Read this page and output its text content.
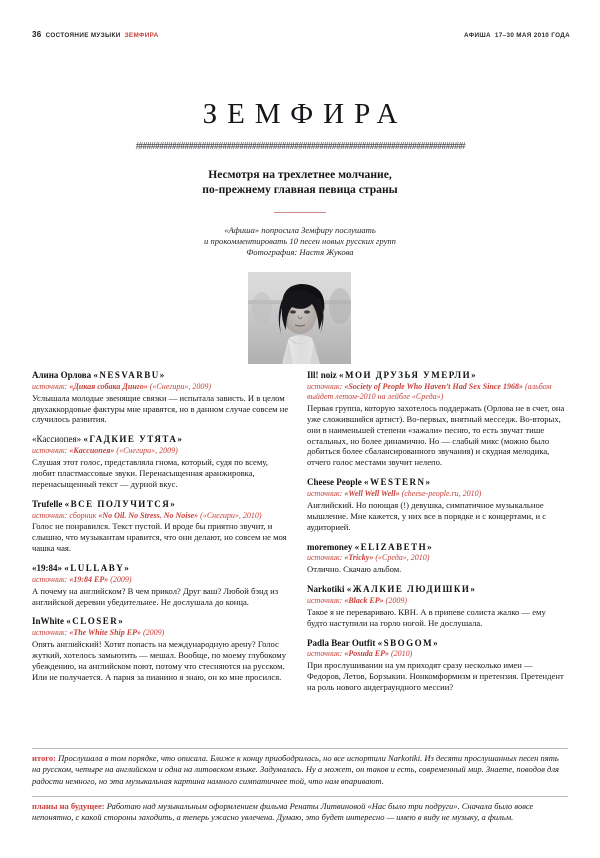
36 СОСТОЯНИЕ МУЗЫКИ ЗЕМФИРА	АФИША 17–30 МАЯ 2010 ГОДА
ЗЕМФИРА
##############################################################################
Несмотря на трехлетнее молчание,
по-прежнему главная певица страны
«Афиша» попросила Земфиру послушать
и прокомментировать 10 песен новых русских групп
Фотография: Настя Жукова
Алина Орлова «NESVARBU»
источник: «Дикая собака Динго» («Снегири», 2009)
Услышала молодые звенящие связки — испытала зависть. И в целом двухаккордовые фактуры мне нравятся, но в данном случае совсем не случилось развития.
«Кассиопея» «ГАДКИЕ УТЯТА»
источник: «Кассиопея» («Снегири», 2009)
Слушая этот голос, представляла гнома, который, судя по всему, любит пластмассовые звуки. Перенасыщенная аранжировка, перенасыщенный текст — дурной вкус.
Trufelle «ВСЕ ПОЛУЧИТСЯ»
источник: сборник «No Oil. No Stress. No Noise» («Снегири», 2010)
Голос не понравился. Текст пустой. И вроде бы приятно звучит, и слышно, что музыкантам нравится, что они делают, но совсем не моя чашка чая.
«19:84» «LULLABY»
источник: «19:84 EP» (2009)
А почему на английском? В чем прикол? Друг ваш? Любой бэнд из английской деревни убедительнее. Не дослушала до конца.
InWhite «CLOSER»
источник: «The White Ship EP» (2009)
Опять английский! Хотят попасть на международную арену? Голос жуткий, хотелось замьютить — мешал. Вообще, по моему глубокому убеждению, на английском поют, потому что стесняются на русском. Или не получается. А парня за пианино я знаю, он ко мне просился.
Ill! noiz «МОИ ДРУЗЬЯ УМЕРЛИ»
источник: «Society of People Who Haven’t Had Sex Since 1968» (альбом выйдет летом-2010 на лейбле «Среда»)
Первая группа, которую захотелось поддержать (Орлова не в счет, она уже сложившийся артист). Во-первых, внятный месседж. Во-вторых, они в наименьшей степени «зажали» песню, то есть звучат тише остальных, но более динамично. Но — слабый микс (можно было добиться более сбалансированного звучания) и скудная мелодика, отчего голос местами звучит нелепо.
Cheese People «WESTERN»
источник: «Well Well Well» (cheese-people.ru, 2010)
Английский. Но поющая (!) девушка, симпатичное музыкальное мышление. Мне кажется, у них все в порядке и с концертами, и с аудиторией.
moremoney «ELIZABETH»
источник: «Tricky» («Среда», 2010)
Отлично. Скачаю альбом.
Narkotiki «ЖАЛКИЕ ЛЮДИШКИ»
источник: «Black EP» (2009)
Такое я не перевариваю. КВН. А в припеве солиста жалко — ему будто наступили на горло ногой. Не дослушала.
Padla Bear Outfit «SBOGOM»
источник: «Posuda EP» (2010)
При прослушивании на ум приходят сразу несколько имен — Федоров, Летов, Борзыкин. Нонкомформизм и претензия. Претендент на роль нового андеграундного мессии?

итого: Прослушала в том порядке, что описала. Ближе к концу приободрилась, но все испортили Narkotiki. Из десяти прослушанных песен пять на русском, четыре на английском и одна на литовском языке. Задумалась. Ну а может, он таков и есть, современный мир. Знаете, поводов для радости немного, но эта музыкальная картина намного симпатичнее той, что нам впаривают.

планы на будущее: Работаю над музыкальным оформлением фильма Ренаты Литвиновой «Нас было три подруги». Сначала было вовсе непонятно, с какой стороны заходить, а теперь ужасно увлечена. Думаю, это будет интересно — имею в виду не музыку, а фильм.
